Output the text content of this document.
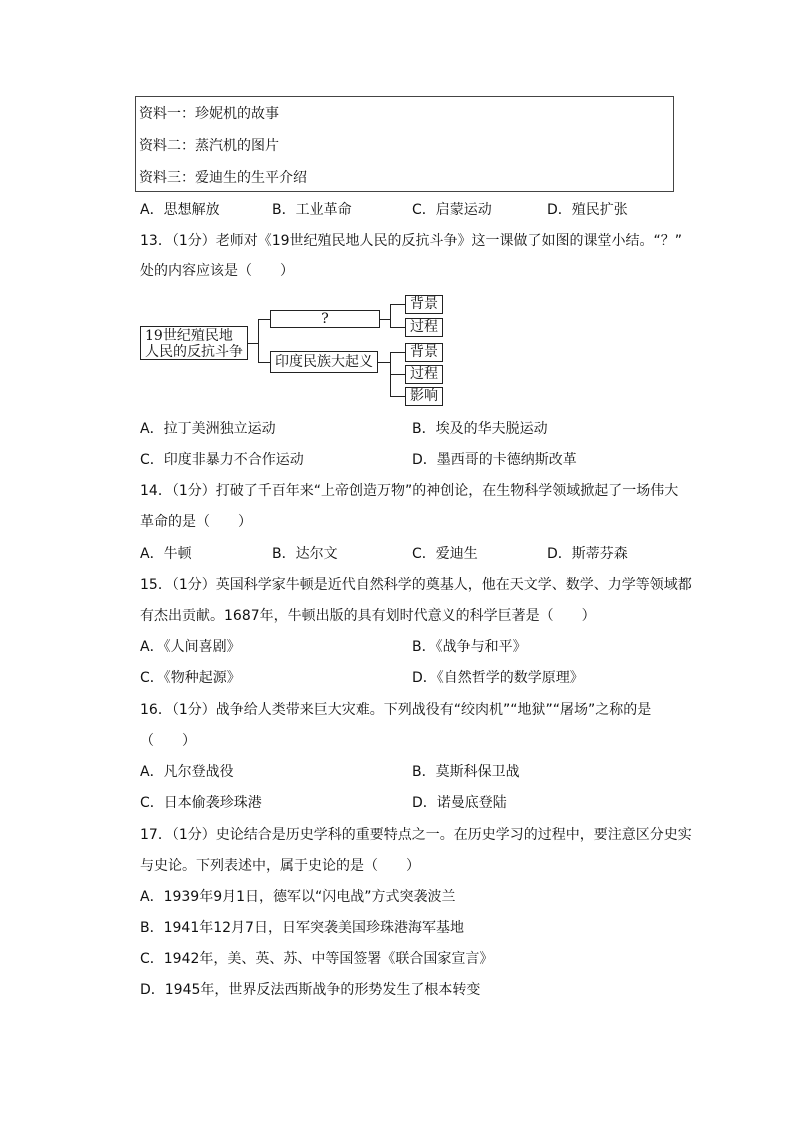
资料一：珍妮机的故事
资料二：蒸汽机的图片
资料三：爱迪生的生平介绍
A．思想解放	B．工业革命	C．启蒙运动	D．殖民扩张
13．（1分）老师对《19世纪殖民地人民的反抗斗争》这一课做了如图的课堂小结。“？”
处的内容应该是（　　）
19世纪殖民地
人民的反抗斗争
?
背景
过程
印度民族大起义
背景
过程
影响
A．拉丁美洲独立运动	B．埃及的华夫脱运动
C．印度非暴力不合作运动	D．墨西哥的卡德纳斯改革
14．（1分）打破了千百年来“上帝创造万物”的神创论，在生物科学领域掀起了一场伟大
革命的是（　　）
A．牛顿	B．达尔文	C．爱迪生	D．斯蒂芬森
15．（1分）英国科学家牛顿是近代自然科学的奠基人，他在天文学、数学、力学等领域都
有杰出贡献。1687年，牛顿出版的具有划时代意义的科学巨著是（　　）
A．《人间喜剧》	B．《战争与和平》
C．《物种起源》	D．《自然哲学的数学原理》
16．（1分）战争给人类带来巨大灾难。下列战役有“绞肉机”“地狱”“屠场”之称的是
（　　）
A．凡尔登战役	B．莫斯科保卫战
C．日本偷袭珍珠港	D．诺曼底登陆
17．（1分）史论结合是历史学科的重要特点之一。在历史学习的过程中，要注意区分史实
与史论。下列表述中，属于史论的是（　　）
A．1939年9月1日，德军以“闪电战”方式突袭波兰
B．1941年12月7日，日军突袭美国珍珠港海军基地
C．1942年，美、英、苏、中等国签署《联合国家宣言》
D．1945年，世界反法西斯战争的形势发生了根本转变
